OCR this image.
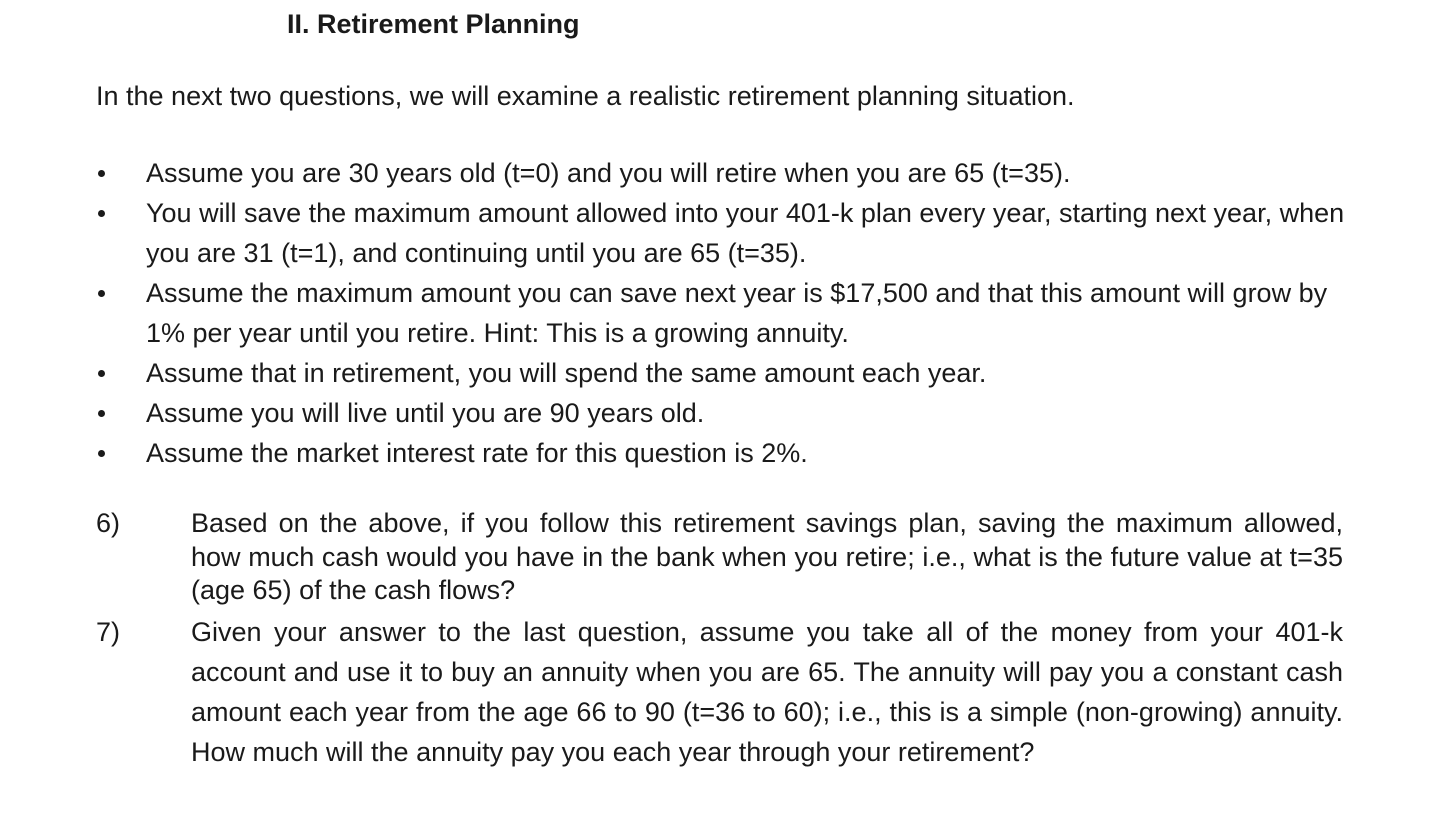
II. Retirement Planning
In the next two questions, we will examine a realistic retirement planning situation.
Assume you are 30 years old (t=0) and you will retire when you are 65 (t=35).
You will save the maximum amount allowed into your 401-k plan every year, starting next year, when you are 31 (t=1), and continuing until you are 65 (t=35).
Assume the maximum amount you can save next year is $17,500 and that this amount will grow by 1% per year until you retire. Hint: This is a growing annuity.
Assume that in retirement, you will spend the same amount each year.
Assume you will live until you are 90 years old.
Assume the market interest rate for this question is 2%.
6)	Based on the above, if you follow this retirement savings plan, saving the maximum allowed, how much cash would you have in the bank when you retire; i.e., what is the future value at t=35 (age 65) of the cash flows?
7)	Given your answer to the last question, assume you take all of the money from your 401-k account and use it to buy an annuity when you are 65. The annuity will pay you a constant cash amount each year from the age 66 to 90 (t=36 to 60); i.e., this is a simple (non-growing) annuity. How much will the annuity pay you each year through your retirement?
